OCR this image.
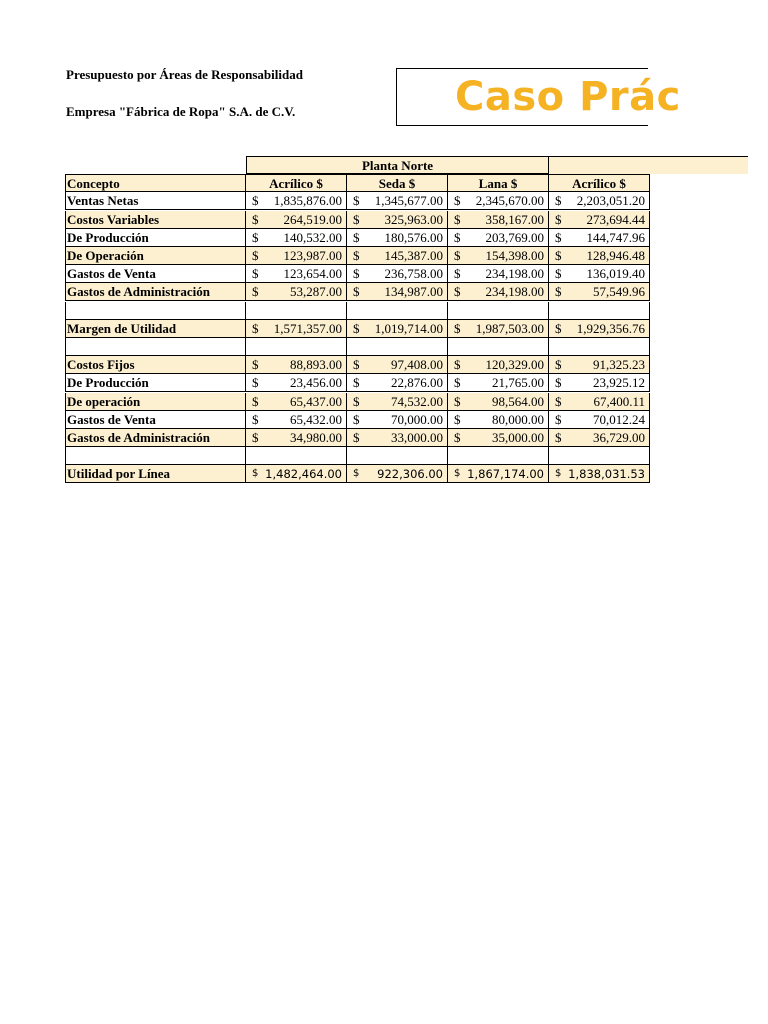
Presupuesto por Áreas de Responsabilidad
Empresa "Fábrica de Ropa" S.A. de C.V.	Caso Prác
Planta Norte
Concepto	Acrílico $	Seda $	Lana $	Acrílico $
Ventas Netas	$ 1,835,876.00 $ 1,345,677.00 $ 2,345,670.00 $ 2,203,051.20
Costos Variables	$ 264,519.00 $ 325,963.00 $ 358,167.00 $ 273,694.44
De Producción	$ 140,532.00 $ 180,576.00 $ 203,769.00 $ 144,747.96
De Operación	$ 123,987.00 $ 145,387.00 $ 154,398.00 $ 128,946.48
Gastos de Venta	$ 123,654.00 $ 236,758.00 $ 234,198.00 $ 136,019.40
Gastos de Administración	$ 53,287.00 $ 134,987.00 $ 234,198.00 $ 57,549.96
Margen de Utilidad	$ 1,571,357.00 $ 1,019,714.00 $ 1,987,503.00 $ 1,929,356.76
Costos Fijos	$ 88,893.00 $ 97,408.00 $ 120,329.00 $ 91,325.23
De Producción	$ 23,456.00 $ 22,876.00 $ 21,765.00 $ 23,925.12
De operación	$ 65,437.00 $ 74,532.00 $ 98,564.00 $ 67,400.11
Gastos de Venta	$ 65,432.00 $ 70,000.00 $ 80,000.00 $ 70,012.24
Gastos de Administración	$ 34,980.00 $ 33,000.00 $ 35,000.00 $ 36,729.00
Utilidad por Línea	$ 1,482,464.00 $ 922,306.00 $ 1,867,174.00 $ 1,838,031.53
